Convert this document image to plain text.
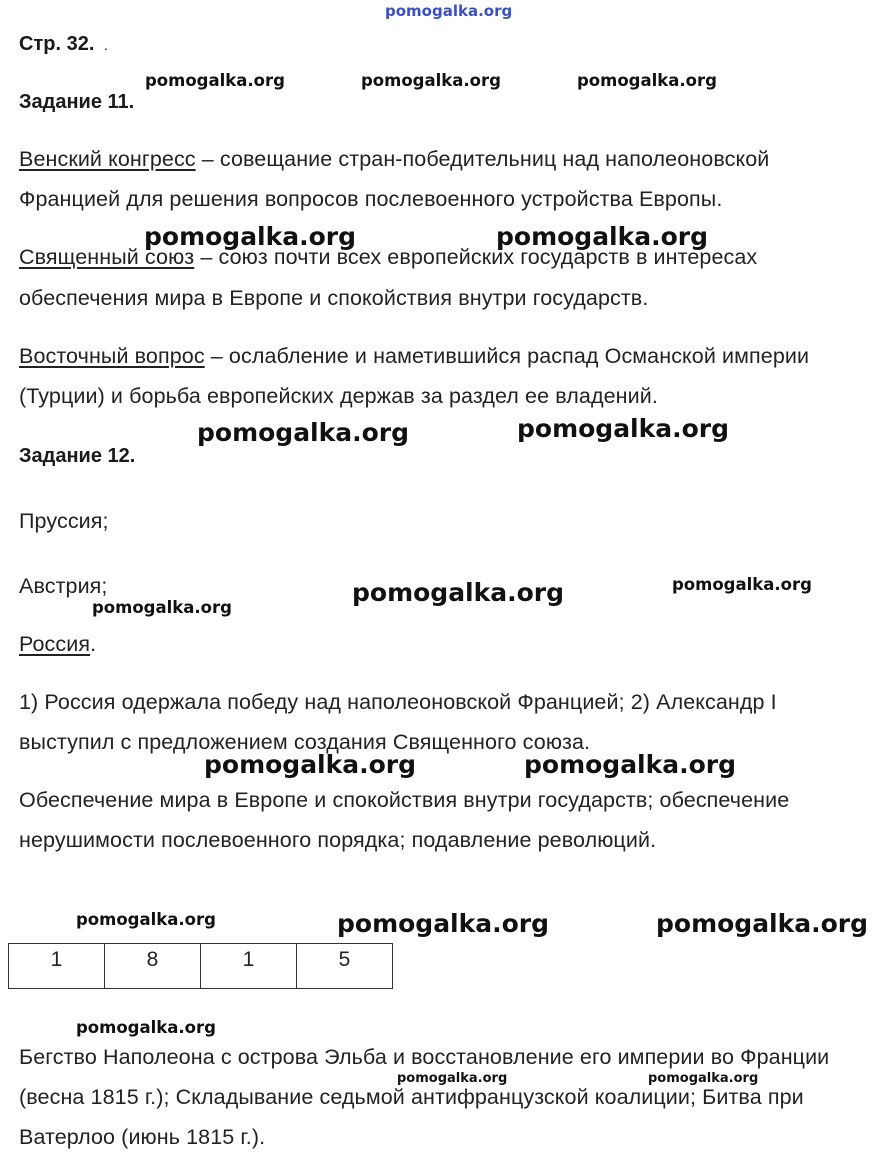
pomogalka.org
Стр. 32. .
pomogalka.org	pomogalka.org	pomogalka.org
Задание 11.
Венский конгресс – совещание стран-победительниц над наполеоновской
Францией для решения вопросов послевоенного устройства Европы.
pomogalka.org	pomogalka.org
Священный союз – союз почти всех европейских государств в интересах
обеспечения мира в Европе и спокойствия внутри государств.
Восточный вопрос – ослабление и наметившийся распад Османской империи
(Турции) и борьба европейских держав за раздел ее владений.
pomogalka.org	pomogalka.org
Задание 12.
Пруссия;
Австрия;
pomogalka.org
pomogalka.org	pomogalka.org
Россия.
1) Россия одержала победу над наполеоновской Францией; 2) Александр I
выступил с предложением создания Священного союза.
pomogalka.org	pomogalka.org
Обеспечение мира в Европе и спокойствия внутри государств; обеспечение
нерушимости послевоенного порядка; подавление революций.
pomogalka.org	pomogalka.org	pomogalka.org
1	8	1	5
pomogalka.org
Бегство Наполеона с острова Эльба и восстановление его империи во Франции
pomogalka.org	pomogalka.org
(весна 1815 г.); Складывание седьмой антифранцузской коалиции; Битва при
Ватерлоо (июнь 1815 г.).
